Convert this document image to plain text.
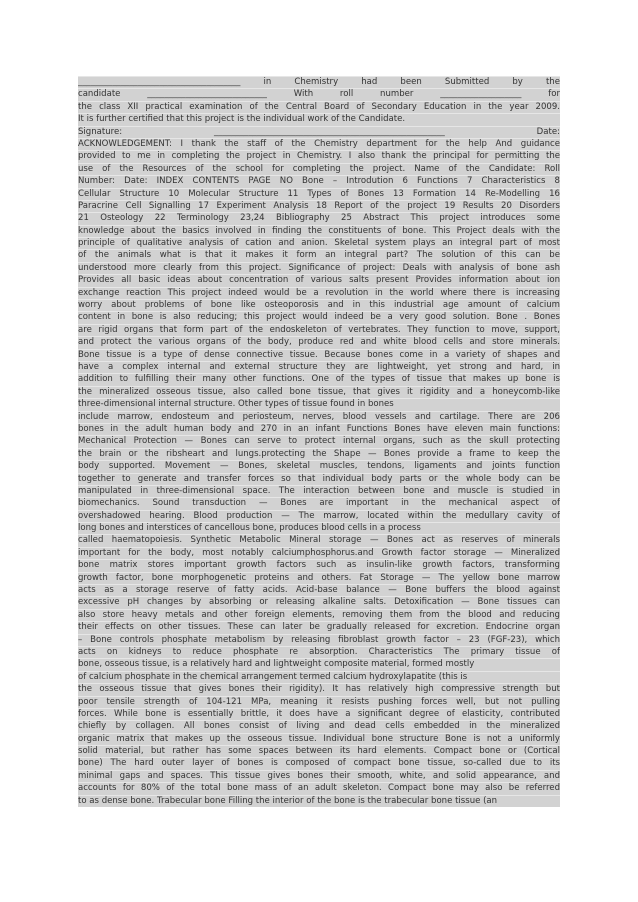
______________________________________ in Chemistry had been Submitted by the
candidate ____________________________ With roll number ___________________ for
the class XII practical examination of the Central Board of Secondary Education in the year 2009.
It is further certified that this project is the individual work of the Candidate.
Signature: ______________________________________________________ Date:
ACKNOWLEDGEMENT: I thank the staff of the Chemistry department for the help And guidance
provided to me in completing the project in Chemistry. I also thank the principal for permitting the
use of the Resources of the school for completing the project. Name of the Candidate: Roll
Number: Date: INDEX CONTENTS PAGE NO Bone – Introdution 6 Functions 7 Characteristics 8
Cellular Structure 10 Molecular Structure 11 Types of Bones 13 Formation 14 Re-Modelling 16
Paracrine Cell Signalling 17 Experiment Analysis 18 Report of the project 19 Results 20 Disorders
21 Osteology 22 Terminology 23,24 Bibliography 25 Abstract This project introduces some
knowledge about the basics involved in finding the constituents of bone. This Project deals with the
principle of qualitative analysis of cation and anion. Skeletal system plays an integral part of most
of the animals what is that it makes it form an integral part? The solution of this can be
understood more clearly from this project. Significance of project: Deals with analysis of bone ash
Provides all basic ideas about concentration of various salts present Provides information about ion
exchange reaction This project indeed would be a revolution in the world where there is increasing
worry about problems of bone like osteoporosis and in this industrial age amount of calcium
content in bone is also reducing; this project would indeed be a very good solution. Bone . Bones
are rigid organs that form part of the endoskeleton of vertebrates. They function to move, support,
and protect the various organs of the body, produce red and white blood cells and store minerals.
Bone tissue is a type of dense connective tissue. Because bones come in a variety of shapes and
have a complex internal and external structure they are lightweight, yet strong and hard, in
addition to fulfilling their many other functions. One of the types of tissue that makes up bone is
the mineralized osseous tissue, also called bone tissue, that gives it rigidity and a honeycomb-like
three-dimensional internal structure. Other types of tissue found in bones
include marrow, endosteum and periosteum, nerves, blood vessels and cartilage. There are 206
bones in the adult human body and 270 in an infant Functions Bones have eleven main functions:
Mechanical Protection — Bones can serve to protect internal organs, such as the skull protecting
the brain or the ribsheart and lungs.protecting the Shape — Bones provide a frame to keep the
body supported. Movement — Bones, skeletal muscles, tendons, ligaments and joints function
together to generate and transfer forces so that individual body parts or the whole body can be
manipulated in three-dimensional space. The interaction between bone and muscle is studied in
biomechanics. Sound transduction — Bones are important in the mechanical aspect of
overshadowed hearing. Blood production — The marrow, located within the medullary cavity of
long bones and interstices of cancellous bone, produces blood cells in a process
called haematopoiesis. Synthetic Metabolic Mineral storage — Bones act as reserves of minerals
important for the body, most notably calciumphosphorus.and Growth factor storage — Mineralized
bone matrix stores important growth factors such as insulin-like growth factors, transforming
growth factor, bone morphogenetic proteins and others. Fat Storage — The yellow bone marrow
acts as a storage reserve of fatty acids. Acid-base balance — Bone buffers the blood against
excessive pH changes by absorbing or releasing alkaline salts. Detoxification — Bone tissues can
also store heavy metals and other foreign elements, removing them from the blood and reducing
their effects on other tissues. These can later be gradually released for excretion. Endocrine organ
– Bone controls phosphate metabolism by releasing fibroblast growth factor – 23 (FGF-23), which
acts on kidneys to reduce phosphate re absorption. Characteristics The primary tissue of
bone, osseous tissue, is a relatively hard and lightweight composite material, formed mostly
of calcium phosphate in the chemical arrangement termed calcium hydroxylapatite (this is
the osseous tissue that gives bones their rigidity). It has relatively high compressive strength but
poor tensile strength of 104-121 MPa, meaning it resists pushing forces well, but not pulling
forces. While bone is essentially brittle, it does have a significant degree of elasticity, contributed
chiefly by collagen. All bones consist of living and dead cells embedded in the mineralized
organic matrix that makes up the osseous tissue. Individual bone structure Bone is not a uniformly
solid material, but rather has some spaces between its hard elements. Compact bone or (Cortical
bone) The hard outer layer of bones is composed of compact bone tissue, so-called due to its
minimal gaps and spaces. This tissue gives bones their smooth, white, and solid appearance, and
accounts for 80% of the total bone mass of an adult skeleton. Compact bone may also be referred
to as dense bone. Trabecular bone Filling the interior of the bone is the trabecular bone tissue (an
